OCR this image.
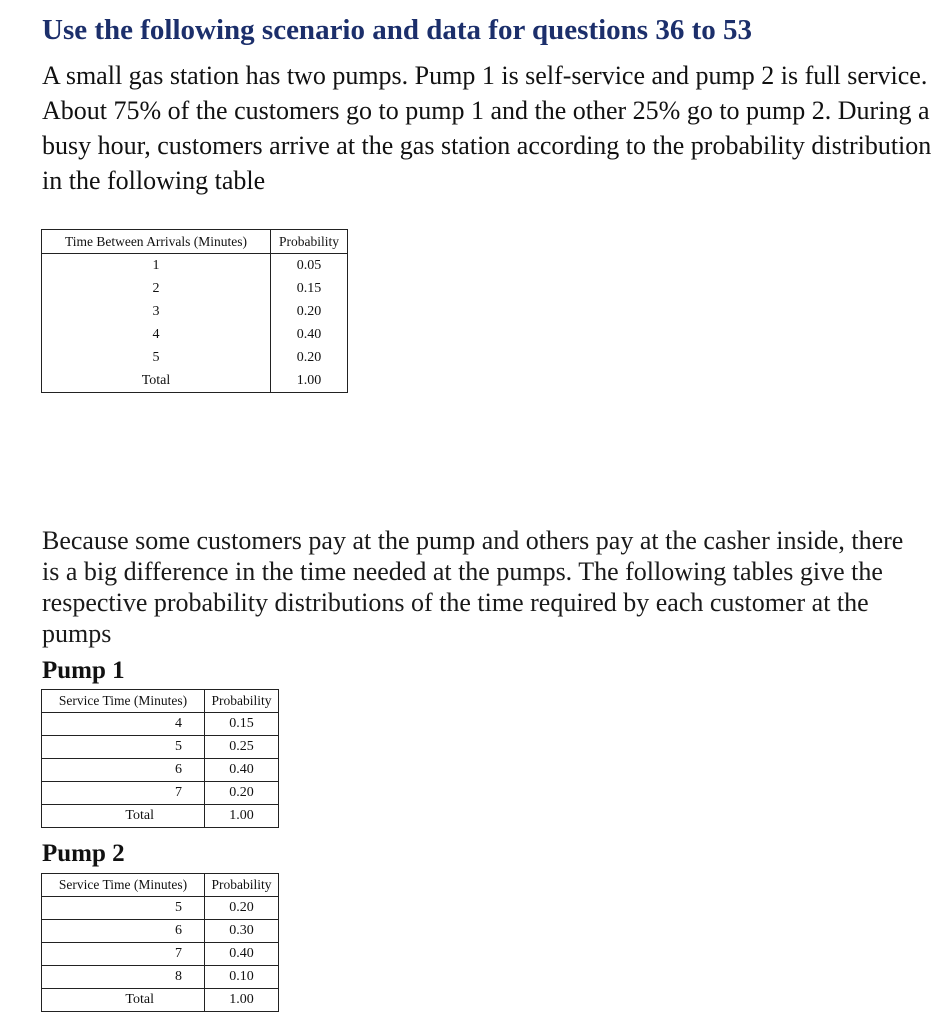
Use the following scenario and data for questions 36 to 53
A small gas station has two pumps. Pump 1 is self-service and pump 2 is full service. About 75% of the customers go to pump 1 and the other 25% go to pump 2. During a busy hour, customers arrive at the gas station according to the probability distribution in the following table
Time Between Arrivals (Minutes)	Probability
1	0.05
2	0.15
3	0.20
4	0.40
5	0.20
Total	1.00
Because some customers pay at the pump and others pay at the casher inside, there is a big difference in the time needed at the pumps. The following tables give the respective probability distributions of the time required by each customer at the pumps
Pump 1
Service Time (Minutes)	Probability
4	0.15
5	0.25
6	0.40
7	0.20
Total	1.00
Pump 2
Service Time (Minutes)	Probability
5	0.20
6	0.30
7	0.40
8	0.10
Total	1.00
